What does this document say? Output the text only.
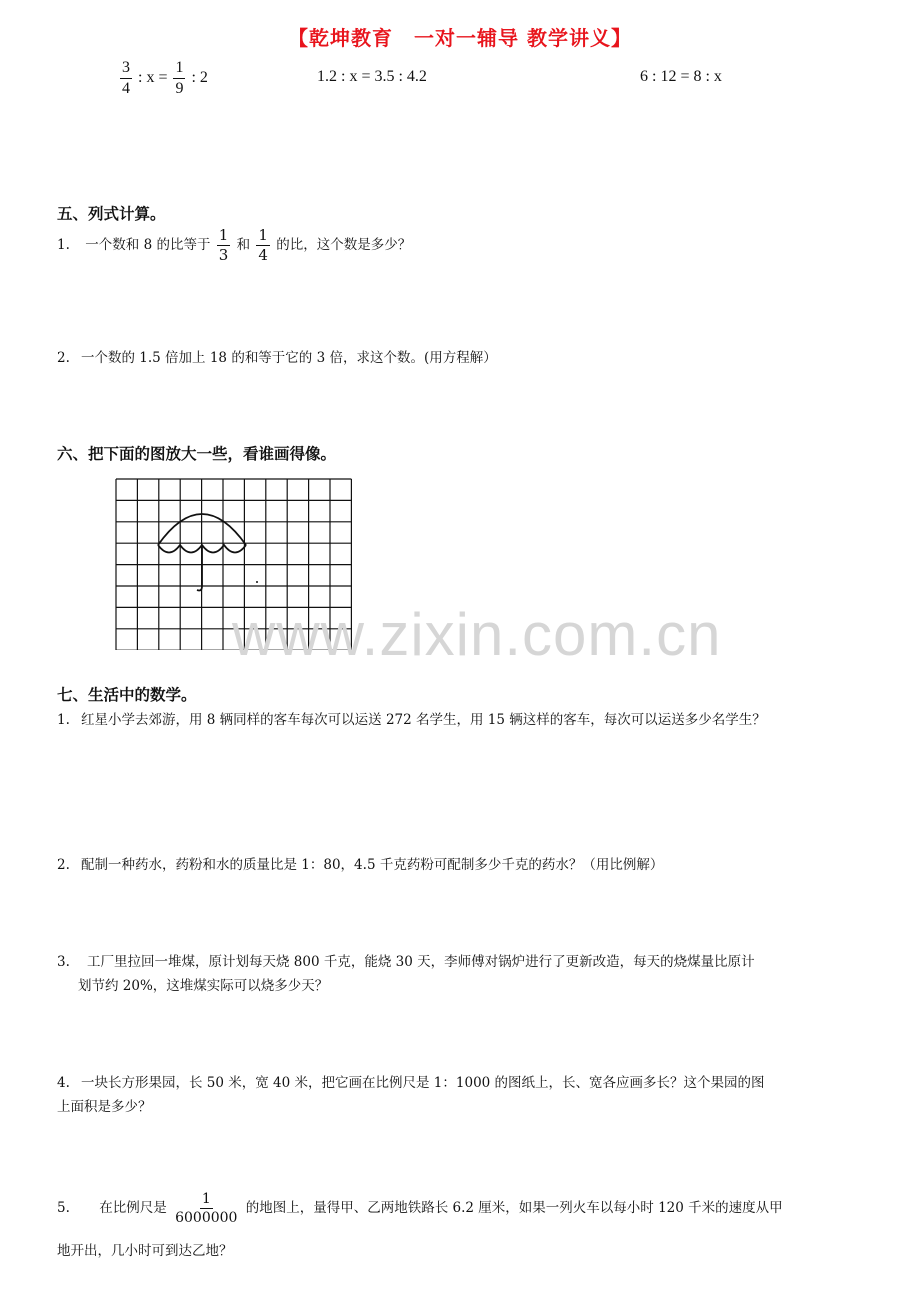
【乾坤教育　一对一辅导 教学讲义】
$\frac{3}{4}$ : $x = \frac{1}{9}$ : 2	1.2 : x = 3.5 : 4.2	6 : 12 = 8 : x
五、列式计算。
1. 一个数和 8 的比等于 $\frac{1}{3}$ 和 $\frac{1}{4}$ 的比，这个数是多少？
2. 一个数的 1.5 倍加上 18 的和等于它的 3 倍，求这个数。(用方程解）
六、把下面的图放大一些，看谁画得像。
www.zixin.com.cn
七、生活中的数学。
1. 红星小学去郊游，用 8 辆同样的客车每次可以运送 272 名学生，用 15 辆这样的客车，每次可以运送多少名学生？
2. 配制一种药水，药粉和水的质量比是 1：80，4.5 千克药粉可配制多少千克的药水？（用比例解）
3. 工厂里拉回一堆煤，原计划每天烧 800 千克，能烧 30 天，李师傅对锅炉进行了更新改造，每天的烧煤量比原计
划节约 20%，这堆煤实际可以烧多少天？
4. 一块长方形果园，长 50 米，宽 40 米，把它画在比例尺是 1：1000 的图纸上，长、宽各应画多长？这个果园的图
上面积是多少？
5. 在比例尺是 $\frac{1}{6000000}$ 的地图上，量得甲、乙两地铁路长 6.2 厘米，如果一列火车以每小时 120 千米的速度从甲
地开出，几小时可到达乙地？
